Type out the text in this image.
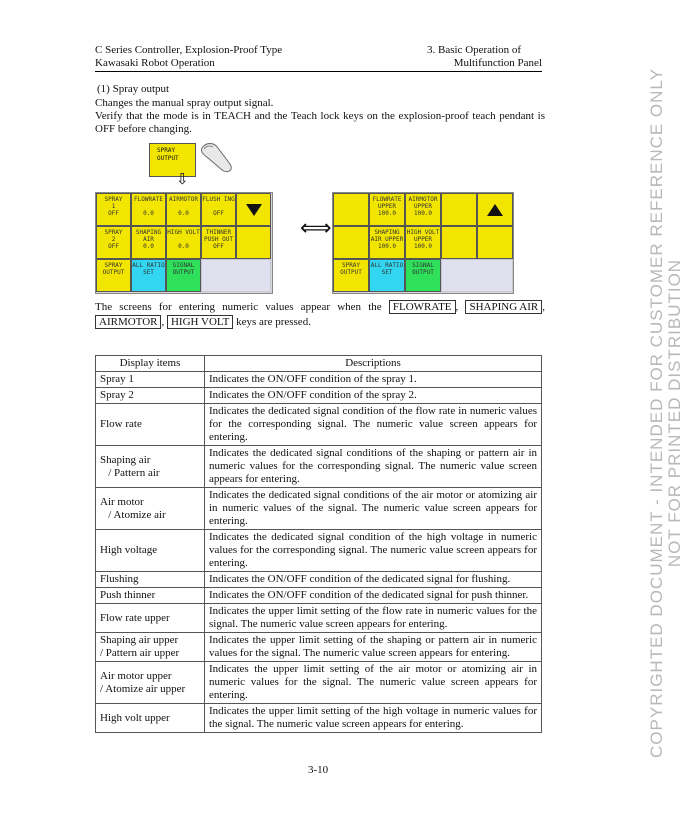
C Series Controller, Explosion-Proof Type
Kawasaki Robot Operation
3. Basic Operation of
Multifunction Panel
(1) Spray output
Changes the manual spray output signal.
Verify that the mode is in TEACH and the Teach lock keys on the explosion-proof teach pendant is OFF before changing.
SPRAY
OUTPUT
⇩
SPRAY
1
OFF
FLOWRATE
0.0
AIRMOTOR
0.0
FLUSH ING
OFF
SPRAY
2
OFF
SHAPING
AIR
0.0
HIGH VOLT
0.0
THINNER
PUSH OUT
OFF
SPRAY
OUTPUT
ALL RATIO
SET
SIGNAL
OUTPUT
FLOWRATE
UPPER
100.0
AIRMOTOR
UPPER
100.0
SHAPING
AIR UPPER
100.0
HIGH VOLT
UPPER
100.0
SPRAY
OUTPUT
ALL RATIO
SET
SIGNAL
OUTPUT
⟺
The screens for entering numeric values appear when the FLOWRATE , SHAPING AIR , AIRMOTOR , HIGH VOLT keys are pressed.
Display items	Descriptions
Spray 1	Indicates the ON/OFF condition of the spray 1.
Spray 2	Indicates the ON/OFF condition of the spray 2.
Flow rate	Indicates the dedicated signal condition of the flow rate in numeric values for the corresponding signal. The numeric value screen appears for entering.
Shaping air
/ Pattern air	Indicates the dedicated signal conditions of the shaping or pattern air in numeric values for the corresponding signal. The numeric value screen appears for entering.
Air motor
/ Atomize air	Indicates the dedicated signal conditions of the air motor or atomizing air in numeric values of the signal. The numeric value screen appears for entering.
High voltage	Indicates the dedicated signal condition of the high voltage in numeric values for the corresponding signal. The numeric value screen appears for entering.
Flushing	Indicates the ON/OFF condition of the dedicated signal for flushing.
Push thinner	Indicates the ON/OFF condition of the dedicated signal for push thinner.
Flow rate upper	Indicates the upper limit setting of the flow rate in numeric values for the signal. The numeric value screen appears for entering.
Shaping air upper
/ Pattern air upper	Indicates the upper limit setting of the shaping or pattern air in numeric values for the signal. The numeric value screen appears for entering.
Air motor upper
/ Atomize air upper	Indicates the upper limit setting of the air motor or atomizing air in numeric values for the signal. The numeric value screen appears for entering.
High volt upper	Indicates the upper limit setting of the high voltage in numeric values for the signal. The numeric value screen appears for entering.
3-10
COPYRIGHTED DOCUMENT - INTENDED FOR CUSTOMER REFERENCE ONLY NOT FOR PRINTED DISTRIBUTION
